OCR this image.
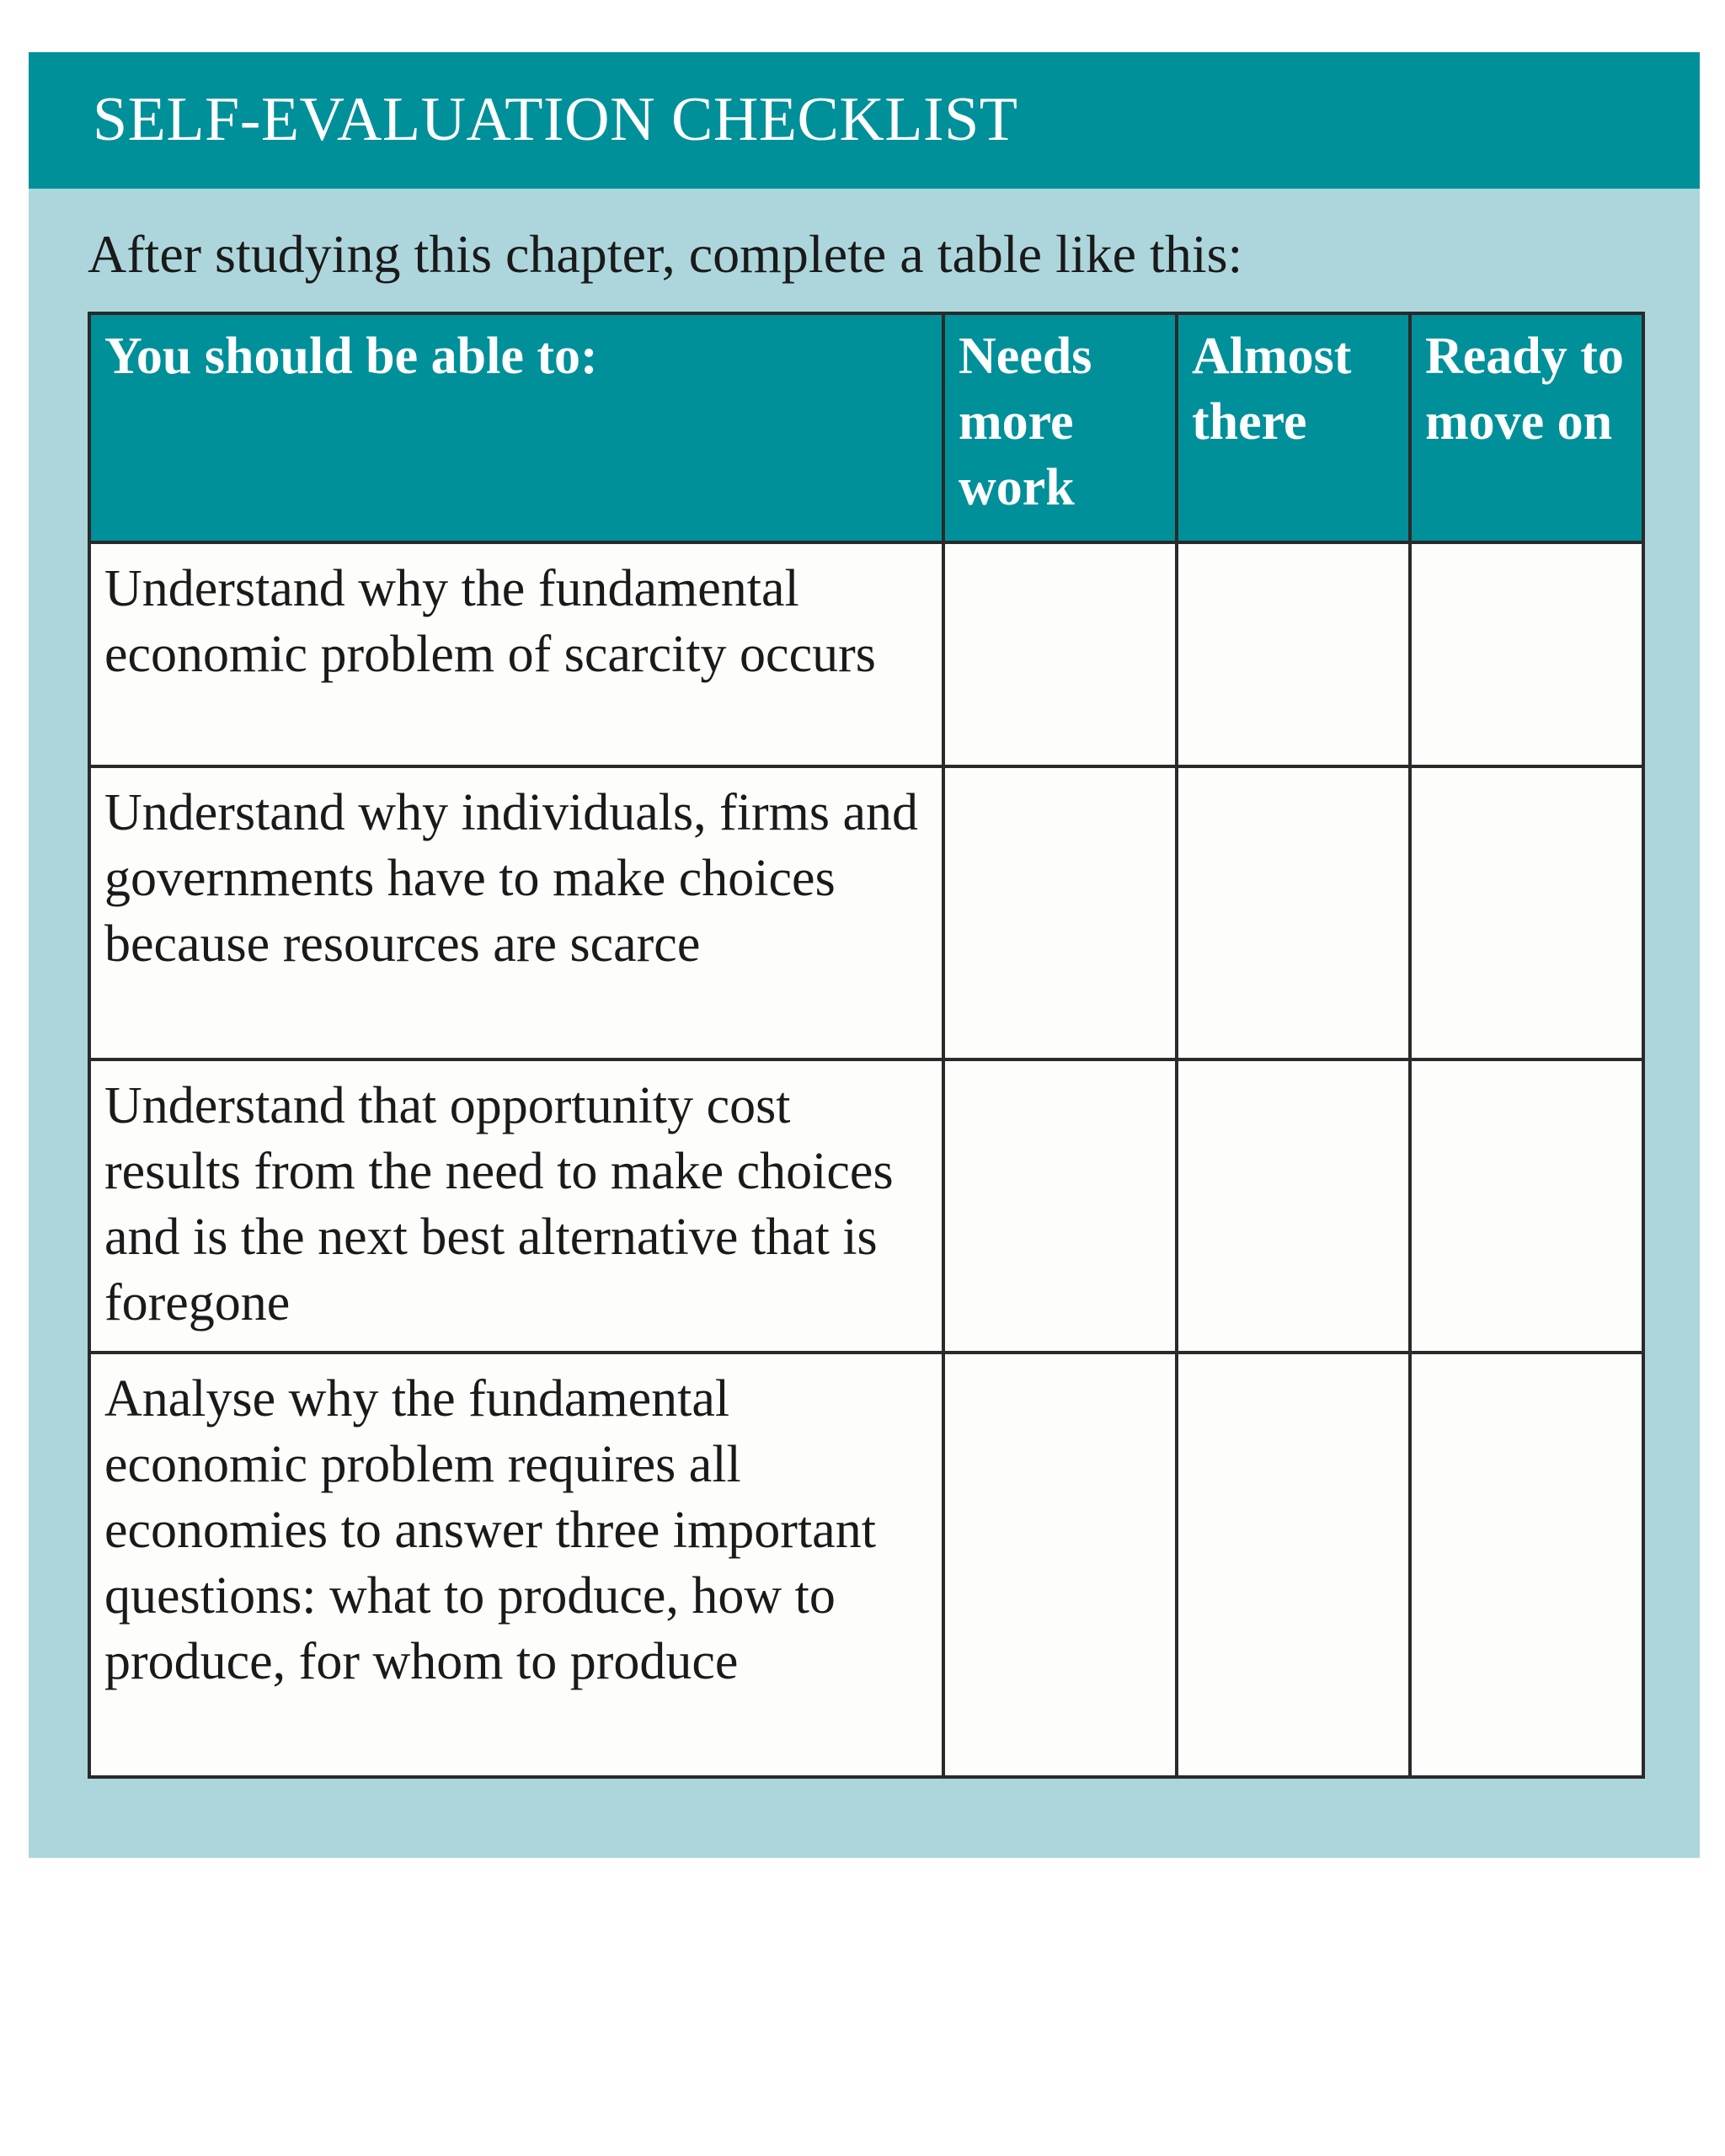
SELF-EVALUATION CHECKLIST
After studying this chapter, complete a table like this:
You should be able to:	Needs more work	Almost there	Ready to move on
Understand why the fundamental economic problem of scarcity occurs			
Understand why individuals, firms and governments have to make choices because resources are scarce			
Understand that opportunity cost results from the need to make choices and is the next best alternative that is foregone			
Analyse why the fundamental economic problem requires all economies to answer three important questions: what to produce, how to produce, for whom to produce			
